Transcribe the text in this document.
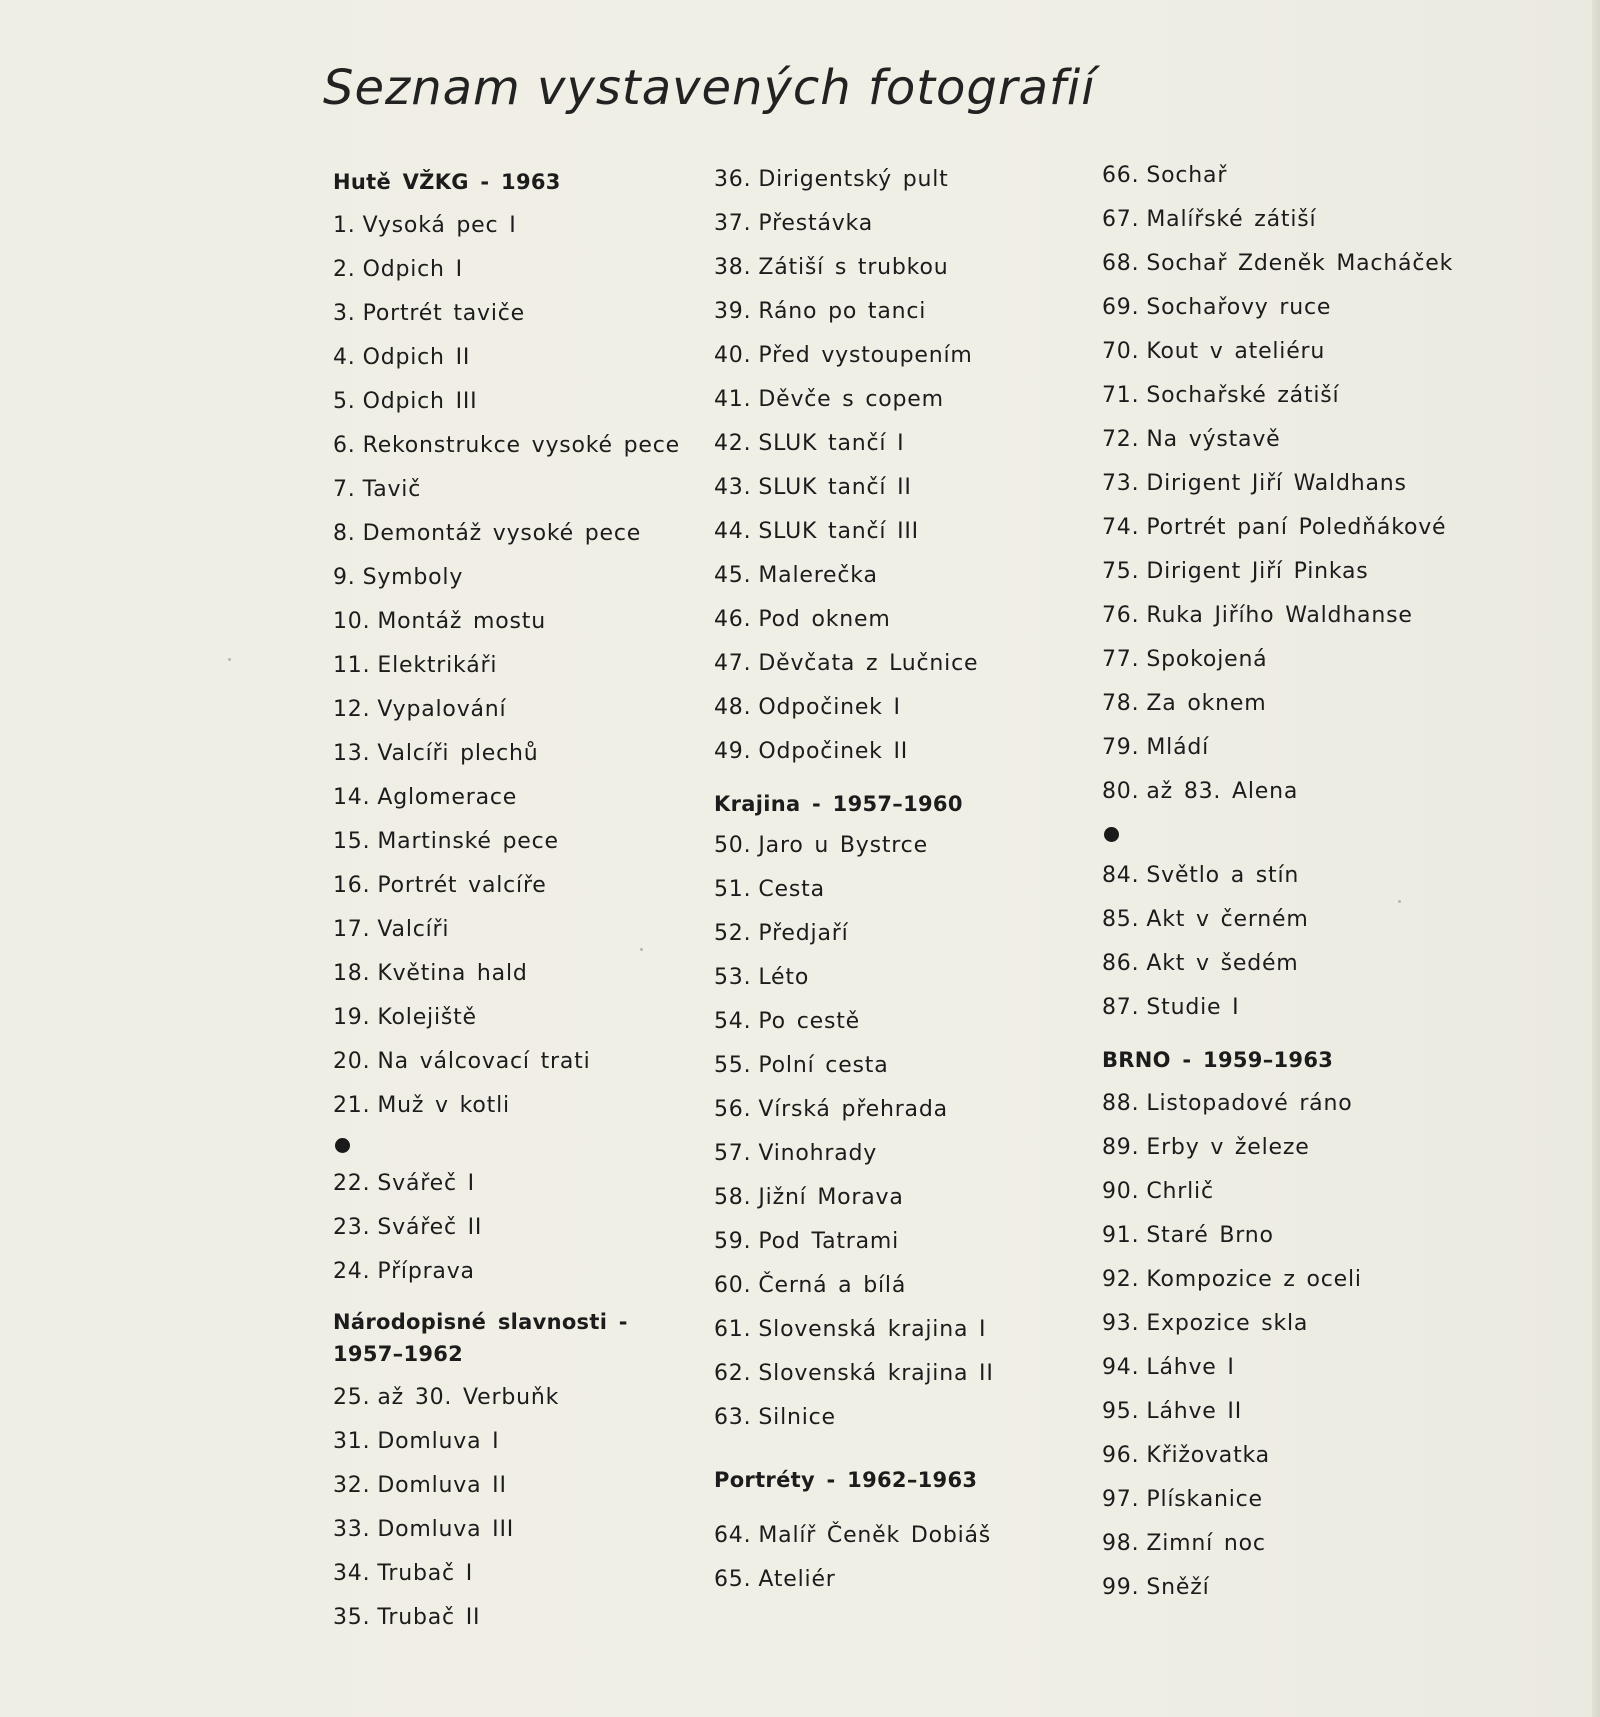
Seznam vystavených fotografií
Hutě VŽKG - 1963
1. Vysoká pec I
2. Odpich I
3. Portrét taviče
4. Odpich II
5. Odpich III
6. Rekonstrukce vysoké pece
7. Tavič
8. Demontáž vysoké pece
9. Symboly
10. Montáž mostu
11. Elektrikáři
12. Vypalování
13. Valcíři plechů
14. Aglomerace
15. Martinské pece
16. Portrét valcíře
17. Valcíři
18. Květina hald
19. Kolejiště
20. Na válcovací trati
21. Muž v kotli
22. Svářeč I
23. Svářeč II
24. Příprava
Národopisné slavnosti -
1957–1962
25. až 30. Verbuňk
31. Domluva I
32. Domluva II
33. Domluva III
34. Trubač I
35. Trubač II
36. Dirigentský pult
37. Přestávka
38. Zátiší s trubkou
39. Ráno po tanci
40. Před vystoupením
41. Děvče s copem
42. SLUK tančí I
43. SLUK tančí II
44. SLUK tančí III
45. Malerečka
46. Pod oknem
47. Děvčata z Lučnice
48. Odpočinek I
49. Odpočinek II
Krajina - 1957–1960
50. Jaro u Bystrce
51. Cesta
52. Předjaří
53. Léto
54. Po cestě
55. Polní cesta
56. Vírská přehrada
57. Vinohrady
58. Jižní Morava
59. Pod Tatrami
60. Černá a bílá
61. Slovenská krajina I
62. Slovenská krajina II
63. Silnice
Portréty - 1962–1963
64. Malíř Čeněk Dobiáš
65. Ateliér
66. Sochař
67. Malířské zátiší
68. Sochař Zdeněk Macháček
69. Sochařovy ruce
70. Kout v ateliéru
71. Sochařské zátiší
72. Na výstavě
73. Dirigent Jiří Waldhans
74. Portrét paní Poledňákové
75. Dirigent Jiří Pinkas
76. Ruka Jiřího Waldhanse
77. Spokojená
78. Za oknem
79. Mládí
80. až 83. Alena
84. Světlo a stín
85. Akt v černém
86. Akt v šedém
87. Studie I
BRNO - 1959–1963
88. Listopadové ráno
89. Erby v železe
90. Chrlič
91. Staré Brno
92. Kompozice z oceli
93. Expozice skla
94. Láhve I
95. Láhve II
96. Křižovatka
97. Plískanice
98. Zimní noc
99. Sněží
